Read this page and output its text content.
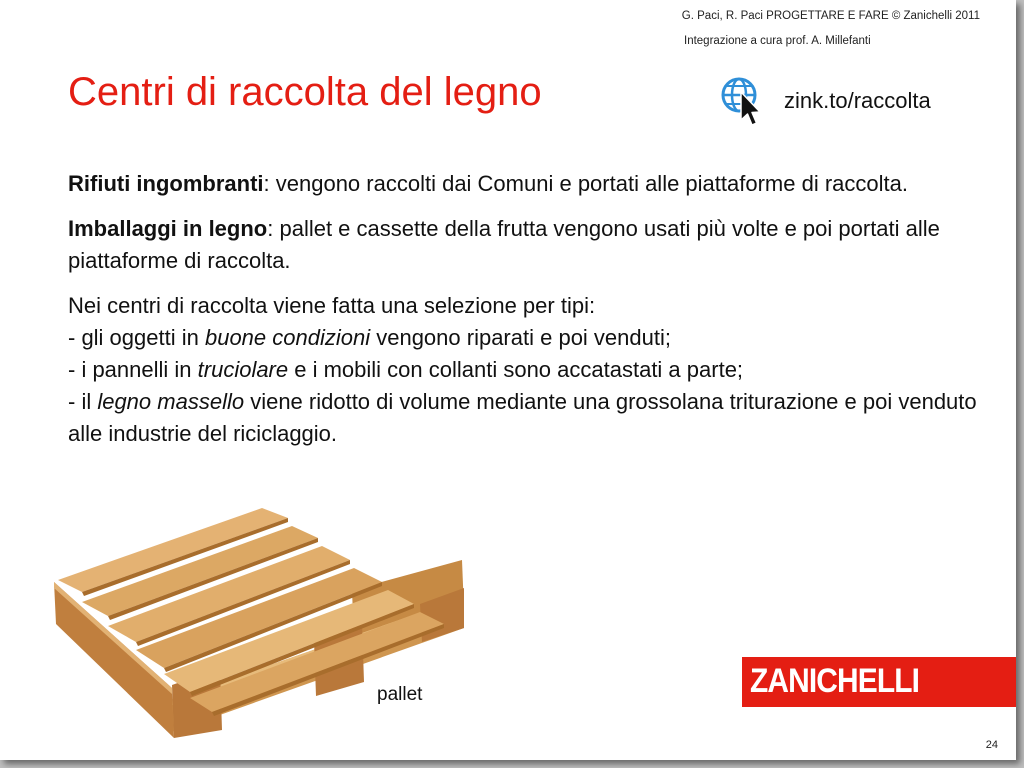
G. Paci, R. Paci PROGETTARE E FARE © Zanichelli 2011
Integrazione a cura prof. A. Millefanti
Centri di raccolta del legno	zink.to/raccolta

Rifiuti ingombranti: vengono raccolti dai Comuni e portati alle piattaforme di raccolta.

Imballaggi in legno: pallet e cassette della frutta vengono usati più volte e poi portati alle piattaforme di raccolta.

Nei centri di raccolta viene fatta una selezione per tipi:
- gli oggetti in buone condizioni vengono riparati e poi venduti;
- i pannelli in truciolare e i mobili con collanti sono accatastati a parte;
- il legno massello viene ridotto di volume mediante una grossolana triturazione e poi venduto alle industrie del riciclaggio.

pallet	ZANICHELLI
24
